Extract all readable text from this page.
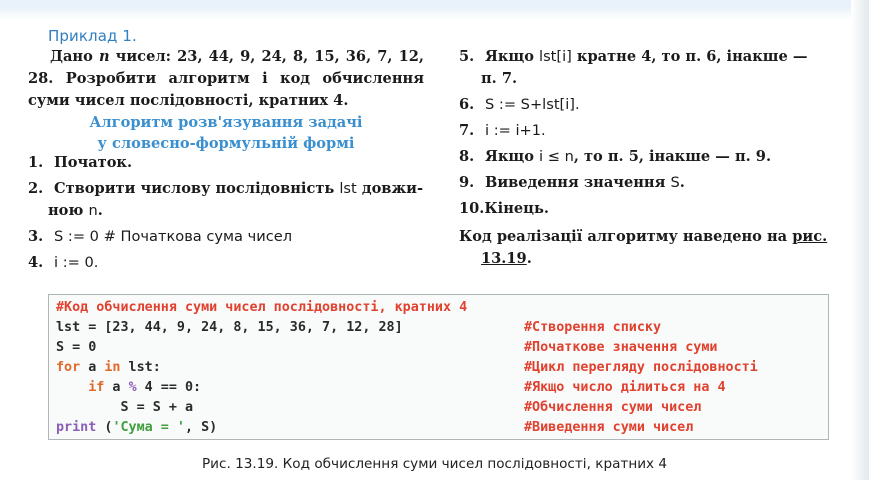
Приклад 1.
Дано n чисел: 23, 44, 9, 24, 8, 15, 36, 7, 12, 28. Розробити алгоритм і код обчислення суми чисел послідовності, кратних 4.
Алгоритм розв'язування задачі
у словесно-формульній формі
1. Початок.
2. Створити числову послідовність lst довжи-
ною n.
3. S := 0 # Початкова сума чисел
4. i := 0.
5. Якщо lst[i] кратне 4, то п. 6, інакше —
п. 7.
6. S := S+lst[i].
7. i := i+1.
8. Якщо i ≤ n, то п. 5, інакше — п. 9.
9. Виведення значення S.
10.Кінець.
Код реалізації алгоритму наведено на рис.
13.19.
#Код обчислення суми чисел послідовності, кратних 4
lst = [23, 44, 9, 24, 8, 15, 36, 7, 12, 28]	#Створення списку
S = 0	#Початкове значення суми
for a in lst:	#Цикл перегляду послідовності
if a % 4 == 0:	#Якщо число ділиться на 4
S = S + a	#Обчислення суми чисел
print ('Сума = ', S)	#Виведення суми чисел
Рис. 13.19. Код обчислення суми чисел послідовності, кратних 4
